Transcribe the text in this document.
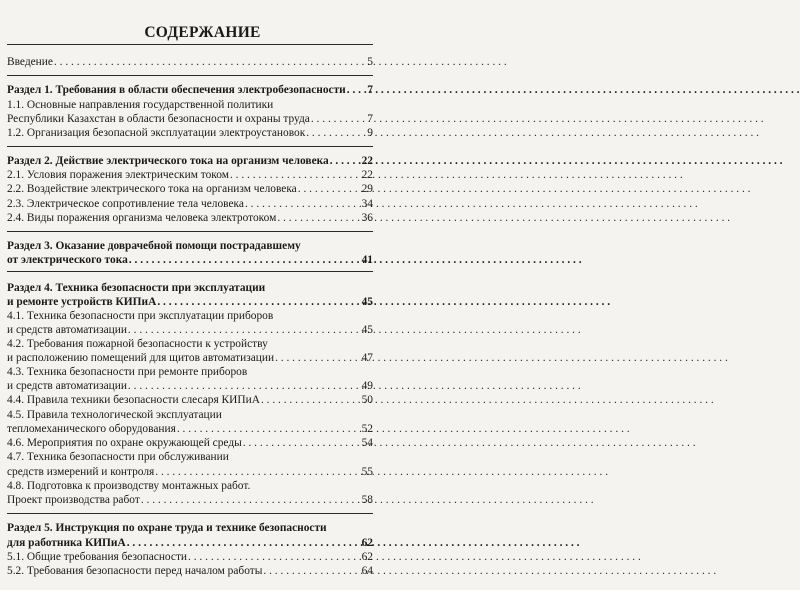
СОДЕРЖАНИЕ
Введение . . .	5
Раздел 1. Требования в области обеспечения электробезопасности . . . 7
1.1. Основные направления государственной политики
Республики Казахстан в области безопасности и охраны труда . . .	7
1.2. Организация безопасной эксплуатации электроустановок . . .	9
Раздел 2. Действие электрического тока на организм человека . . .	22
2.1. Условия поражения электрическим током . . .	22
2.2. Воздействие электрического тока на организм человека . . .	29
2.3. Электрическое сопротивление тела человека . . .	34
2.4. Виды поражения организма человека электротоком . . .	36
Раздел 3. Оказание доврачебной помощи пострадавшему
от электрического тока . . .	41
Раздел 4. Техника безопасности при эксплуатации
и ремонте устройств КИПиА . . .	45
4.1. Техника безопасности при эксплуатации приборов
и средств автоматизации . . .	45
4.2. Требования пожарной безопасности к устройству
и расположению помещений для щитов автоматизации . . .	47
4.3. Техника безопасности при ремонте приборов
и средств автоматизации . . .	49
4.4. Правила техники безопасности слесаря КИПиА . . .	50
4.5. Правила технологической эксплуатации
тепломеханического оборудования . . .	52
4.6. Мероприятия по охране окружающей среды . . .	54
4.7. Техника безопасности при обслуживании
средств измерений и контроля . . .	55
4.8. Подготовка к производству монтажных работ.
Проект производства работ . . .	58
Раздел 5. Инструкция по охране труда и технике безопасности
для работника КИПиА . . .	62
5.1. Общие требования безопасности . . .	62
5.2. Требования безопасности перед началом работы . . .	64
